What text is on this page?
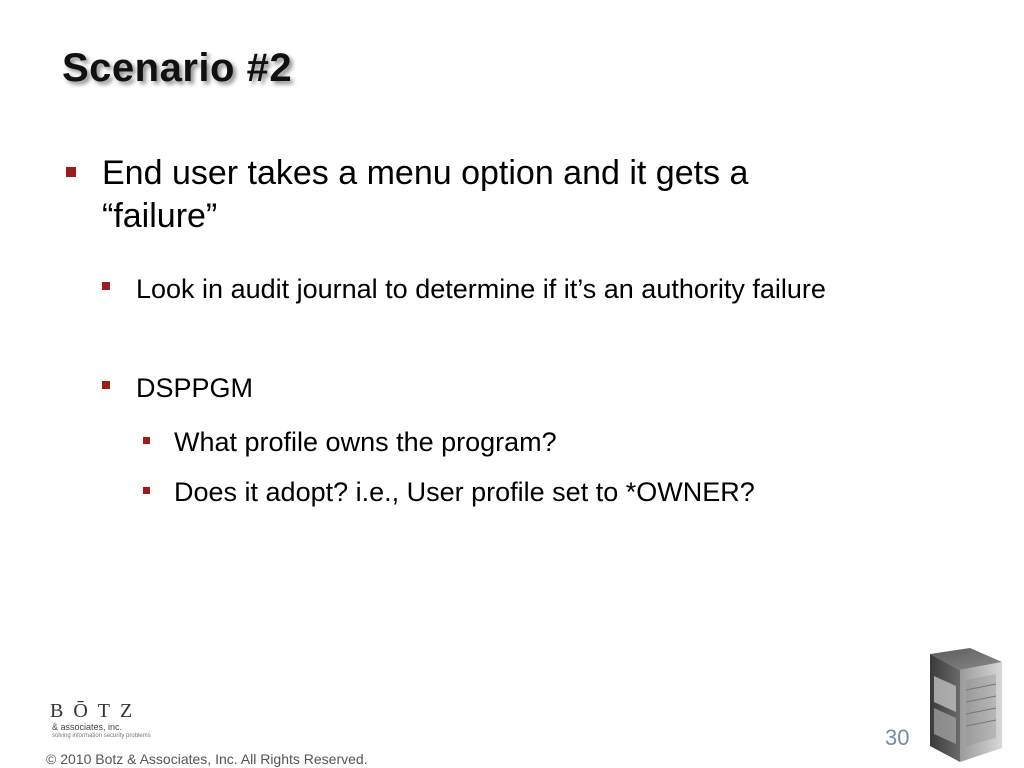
Scenario #2
End user takes a menu option and it gets a “failure”
Look in audit journal to determine if it’s an authority failure
DSPPGM
What profile owns the program?
Does it adopt? i.e., User profile set to *OWNER?
BŌTZ
& associates, inc.
solving information security problems
© 2010 Botz & Associates, Inc. All Rights Reserved.
30
